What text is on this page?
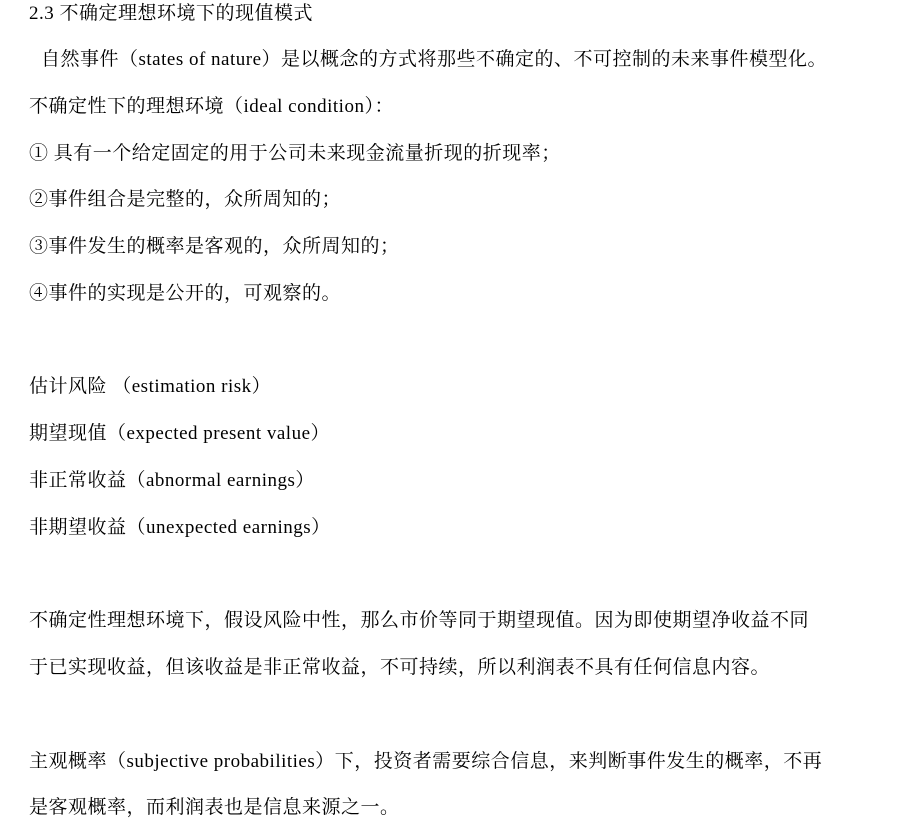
2.3 不确定理想环境下的现值模式
自然事件（states of nature）是以概念的方式将那些不确定的、不可控制的未来事件模型化。
不确定性下的理想环境（ideal condition）：
① 具有一个给定固定的用于公司未来现金流量折现的折现率；
②事件组合是完整的，众所周知的；
③事件发生的概率是客观的，众所周知的；
④事件的实现是公开的，可观察的。
估计风险 （estimation risk）
期望现值（expected present value）
非正常收益（abnormal earnings）
非期望收益（unexpected earnings）
不确定性理想环境下，假设风险中性，那么市价等同于期望现值。因为即使期望净收益不同
于已实现收益，但该收益是非正常收益，不可持续，所以利润表不具有任何信息内容。
主观概率（subjective probabilities）下，投资者需要综合信息，来判断事件发生的概率，不再
是客观概率，而利润表也是信息来源之一。
